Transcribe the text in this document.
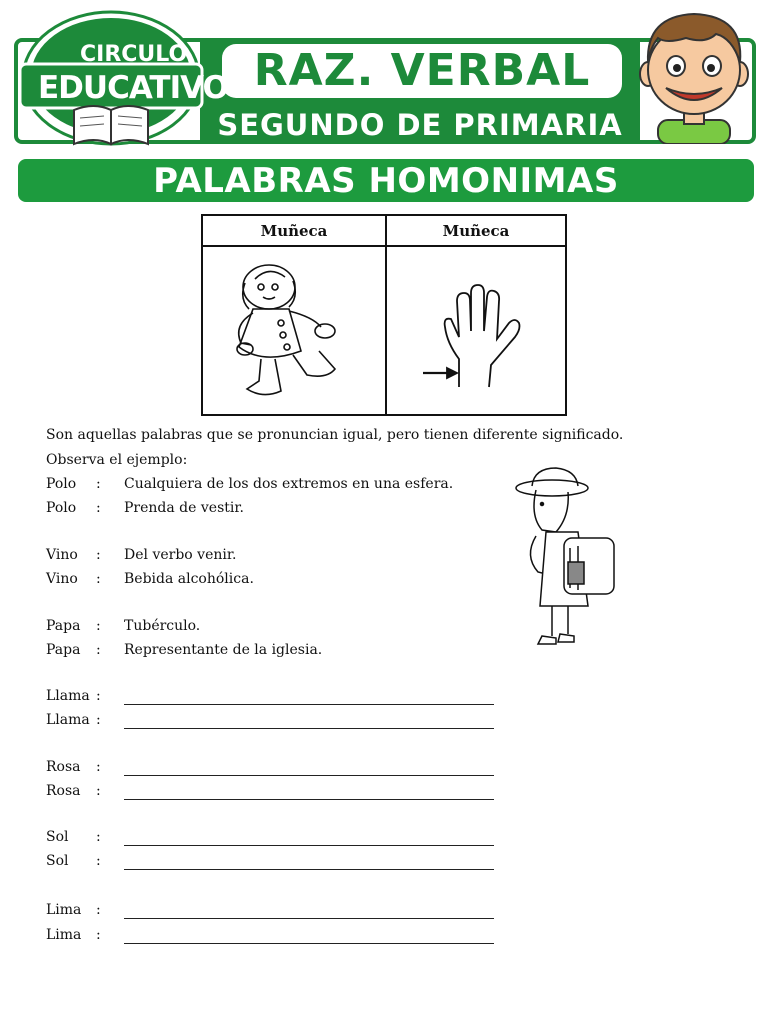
RAZ. VERBAL
SEGUNDO DE PRIMARIA
CIRCULO
EDUCATIVO
PALABRAS HOMONIMAS
Muñeca	Muñeca
Son aquellas palabras que se pronuncian igual, pero tienen diferente significado.
Observa el ejemplo:
Polo : Cualquiera de los dos extremos en una esfera.
Polo : Prenda de vestir.
Vino : Del verbo venir.
Vino : Bebida alcohólica.
Papa : Tubérculo.
Papa : Representante de la iglesia.
Llama :
Llama :
Rosa :
Rosa :
Sol :
Sol :
Lima :
Lima :
